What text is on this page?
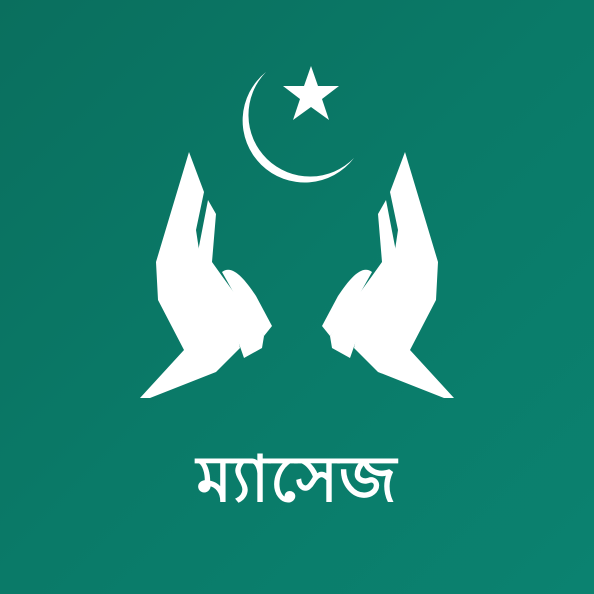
ম্যাসেজ
